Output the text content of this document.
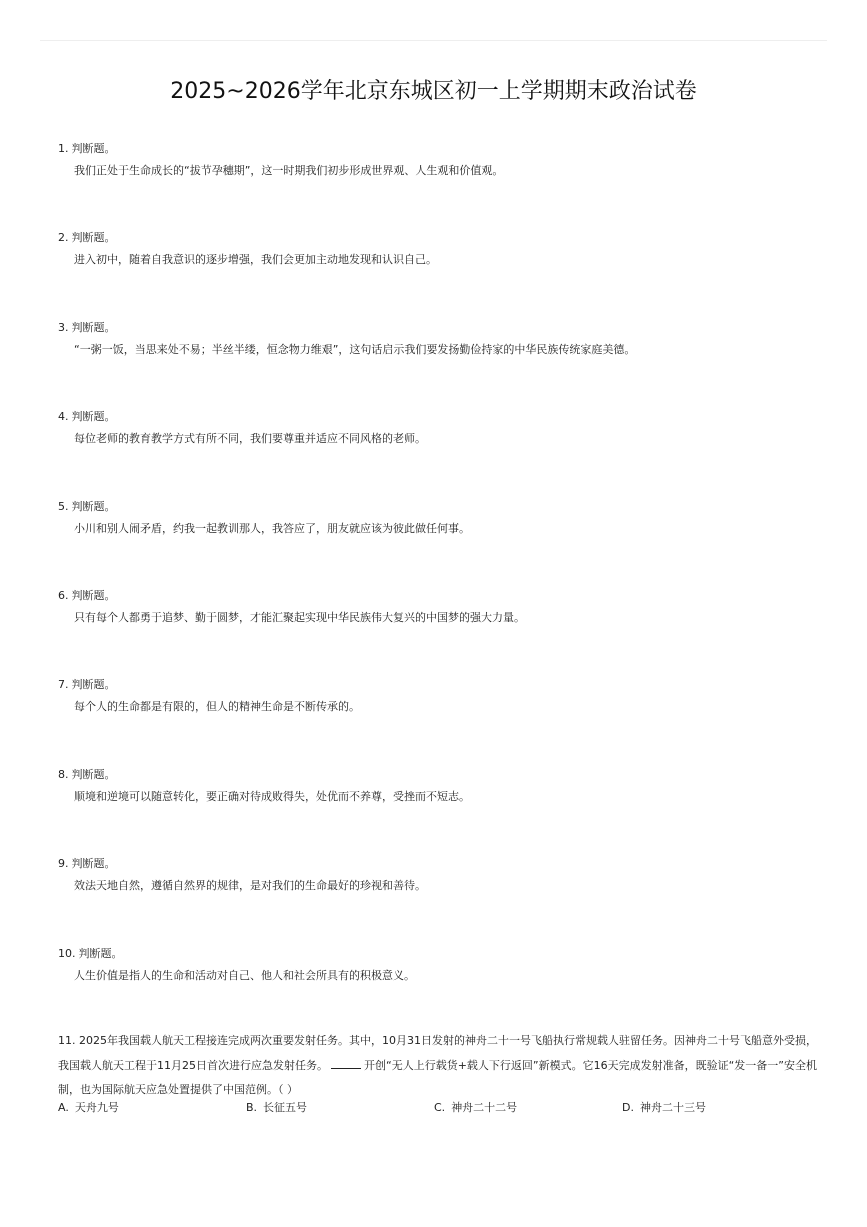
2025~2026学年北京东城区初一上学期期末政治试卷
1. 判断题。
我们正处于生命成长的“拔节孕穗期”，这一时期我们初步形成世界观、人生观和价值观。
2. 判断题。
进入初中，随着自我意识的逐步增强，我们会更加主动地发现和认识自己。
3. 判断题。
“一粥一饭，当思来处不易；半丝半缕，恒念物力维艰”，这句话启示我们要发扬勤俭持家的中华民族传统家庭美德。
4. 判断题。
每位老师的教育教学方式有所不同，我们要尊重并适应不同风格的老师。
5. 判断题。
小川和别人闹矛盾，约我一起教训那人，我答应了，朋友就应该为彼此做任何事。
6. 判断题。
只有每个人都勇于追梦、勤于圆梦，才能汇聚起实现中华民族伟大复兴的中国梦的强大力量。
7. 判断题。
每个人的生命都是有限的，但人的精神生命是不断传承的。
8. 判断题。
顺境和逆境可以随意转化，要正确对待成败得失，处优而不养尊，受挫而不短志。
9. 判断题。
效法天地自然，遵循自然界的规律，是对我们的生命最好的珍视和善待。
10. 判断题。
人生价值是指人的生命和活动对自己、他人和社会所具有的积极意义。
11. 2025年我国载人航天工程接连完成两次重要发射任务。其中，10月31日发射的神舟二十一号飞船执行常规载人驻留任务。因神舟二十号飞船意外受损，我国载人航天工程于11月25日首次进行应急发射任务。	开创“无人上行载货+载人下行返回”新模式。它16天完成发射准备，既验证“发一备一”安全机制，也为国际航天应急处置提供了中国范例。（ ）
A. 天舟九号	B. 长征五号	C. 神舟二十二号	D. 神舟二十三号
